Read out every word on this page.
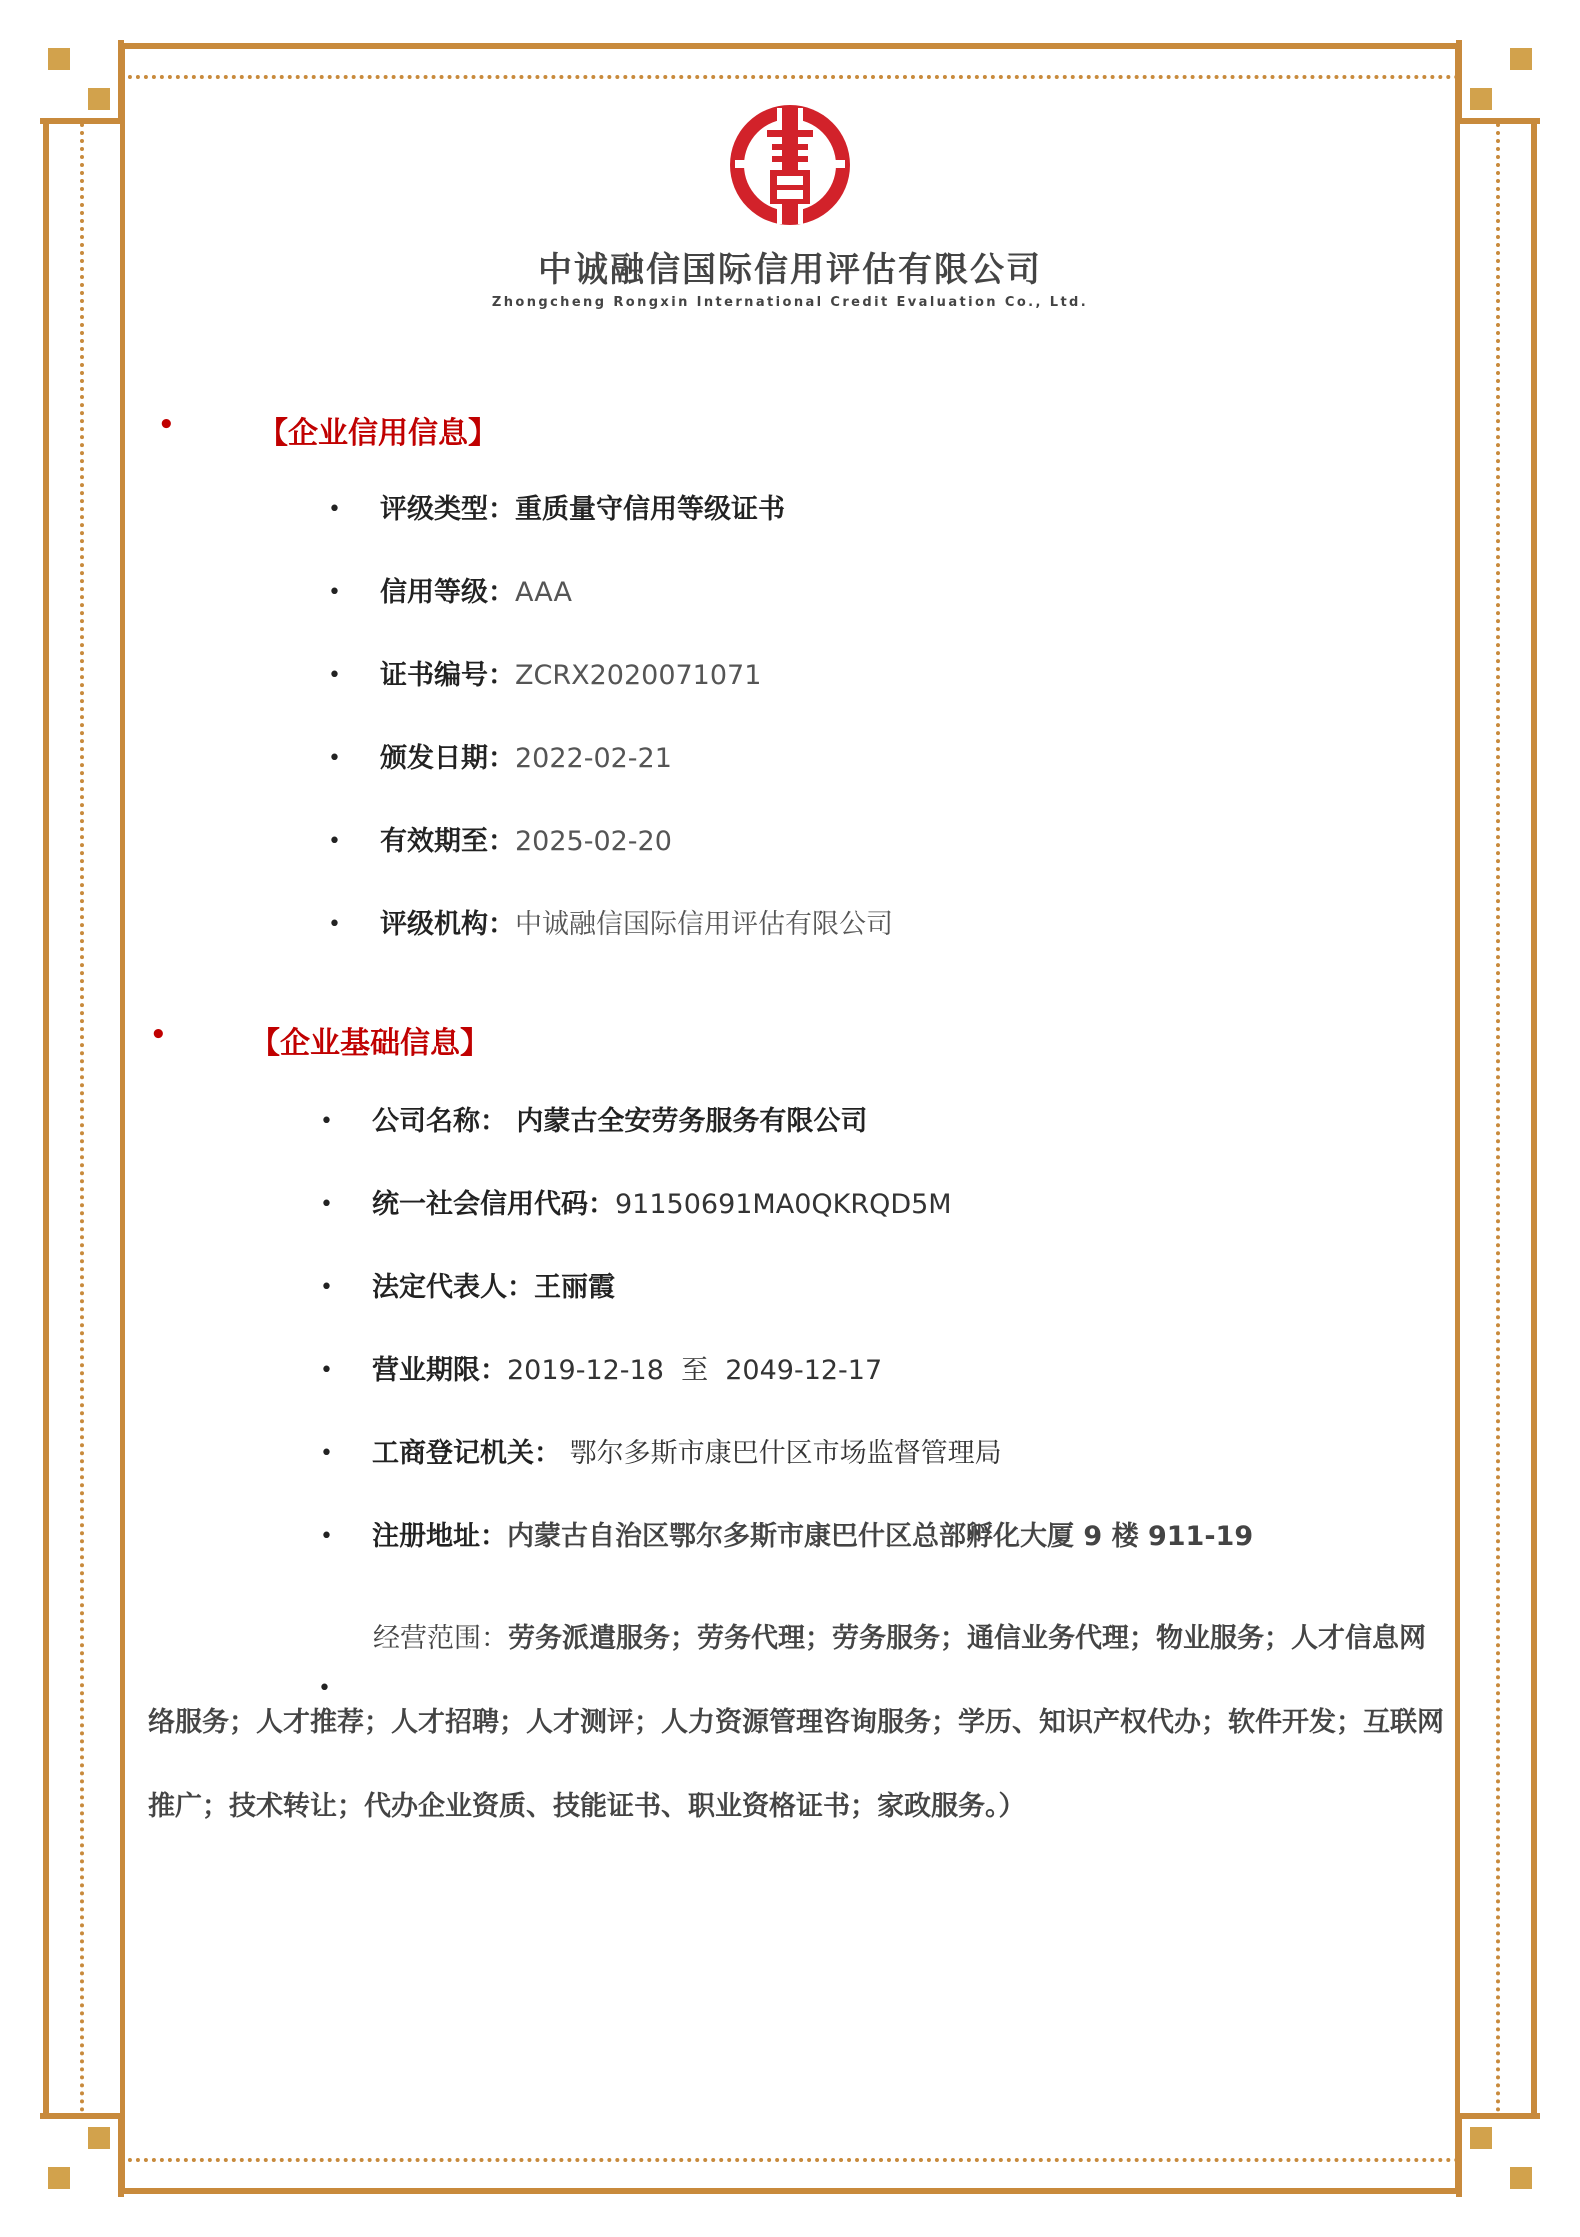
中诚融信国际信用评估有限公司
Zhongcheng Rongxin International Credit Evaluation Co., Ltd.
•	【企业信用信息】
• 评级类型：重质量守信用等级证书
• 信用等级：AAA
• 证书编号：ZCRX2020071071
• 颁发日期：2022-02-21
• 有效期至：2025-02-20
• 评级机构：中诚融信国际信用评估有限公司
•	【企业基础信息】
• 公司名称： 内蒙古全安劳务服务有限公司
• 统一社会信用代码：91150691MA0QKRQD5M
• 法定代表人：王丽霞
• 营业期限：2019-12-18  至  2049-12-17
• 工商登记机关： 鄂尔多斯市康巴什区市场监督管理局
• 注册地址：内蒙古自治区鄂尔多斯市康巴什区总部孵化大厦 9 楼 911-19
•
经营范围：劳务派遣服务；劳务代理；劳务服务；通信业务代理；物业服务；人才信息网络服务；人才推荐；人才招聘；人才测评；人力资源管理咨询服务；学历、知识产权代办；软件开发；互联网推广；技术转让；代办企业资质、技能证书、职业资格证书；家政服务。）
